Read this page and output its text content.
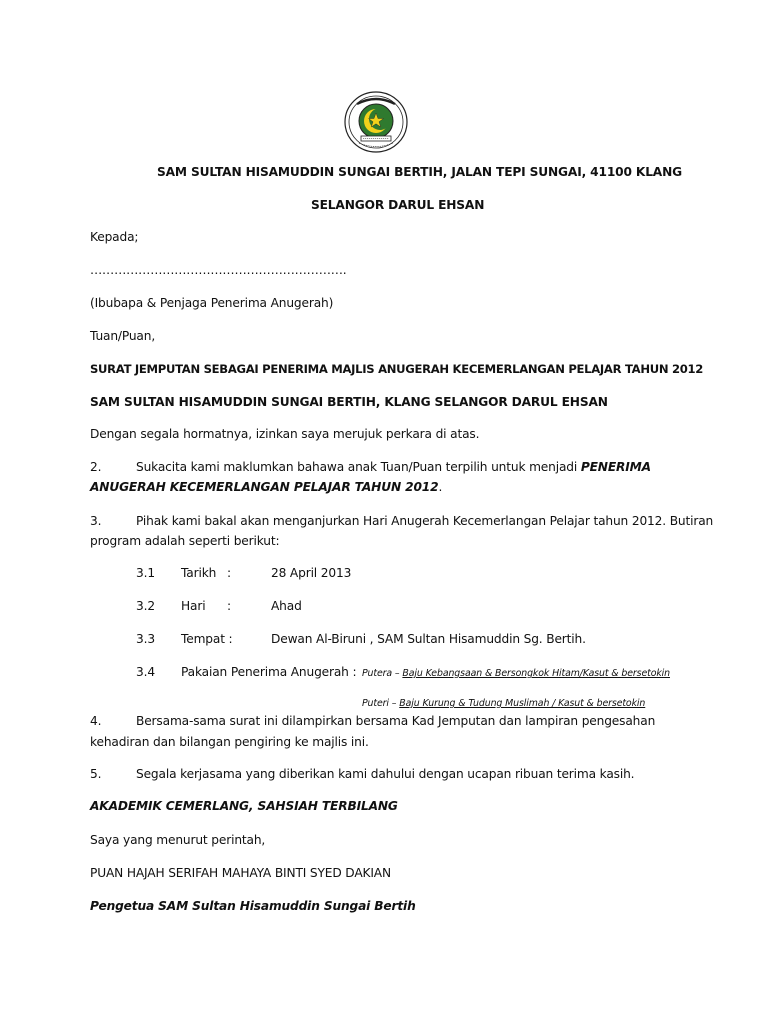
SAM SULTAN HISAMUDDIN SUNGAI BERTIH, JALAN TEPI SUNGAI, 41100 KLANG
SELANGOR DARUL EHSAN
Kepada;
……………………………………………………….
(Ibubapa & Penjaga Penerima Anugerah)
Tuan/Puan,
SURAT JEMPUTAN SEBAGAI PENERIMA MAJLIS ANUGERAH KECEMERLANGAN PELAJAR TAHUN 2012
SAM SULTAN HISAMUDDIN SUNGAI BERTIH, KLANG SELANGOR DARUL EHSAN
Dengan segala hormatnya, izinkan saya merujuk perkara di atas.
2.	Sukacita kami maklumkan bahawa anak Tuan/Puan terpilih untuk menjadi PENERIMA
ANUGERAH KECEMERLANGAN PELAJAR TAHUN 2012.
3.	Pihak kami bakal akan menganjurkan Hari Anugerah Kecemerlangan Pelajar tahun 2012. Butiran
program adalah seperti berikut:
3.1 Tarikh :	28 April 2013
3.2 Hari :	Ahad
3.3 Tempat :	Dewan Al-Biruni , SAM Sultan Hisamuddin Sg. Bertih.
3.4 Pakaian Penerima Anugerah : Putera – Baju Kebangsaan & Bersongkok Hitam/Kasut & bersetokin
Puteri – Baju Kurung & Tudung Muslimah / Kasut & bersetokin
4.	Bersama-sama surat ini dilampirkan bersama Kad Jemputan dan lampiran pengesahan
kehadiran dan bilangan pengiring ke majlis ini.
5.	Segala kerjasama yang diberikan kami dahului dengan ucapan ribuan terima kasih.
AKADEMIK CEMERLANG, SAHSIAH TERBILANG
Saya yang menurut perintah,
PUAN HAJAH SERIFAH MAHAYA BINTI SYED DAKIAN
Pengetua SAM Sultan Hisamuddin Sungai Bertih
